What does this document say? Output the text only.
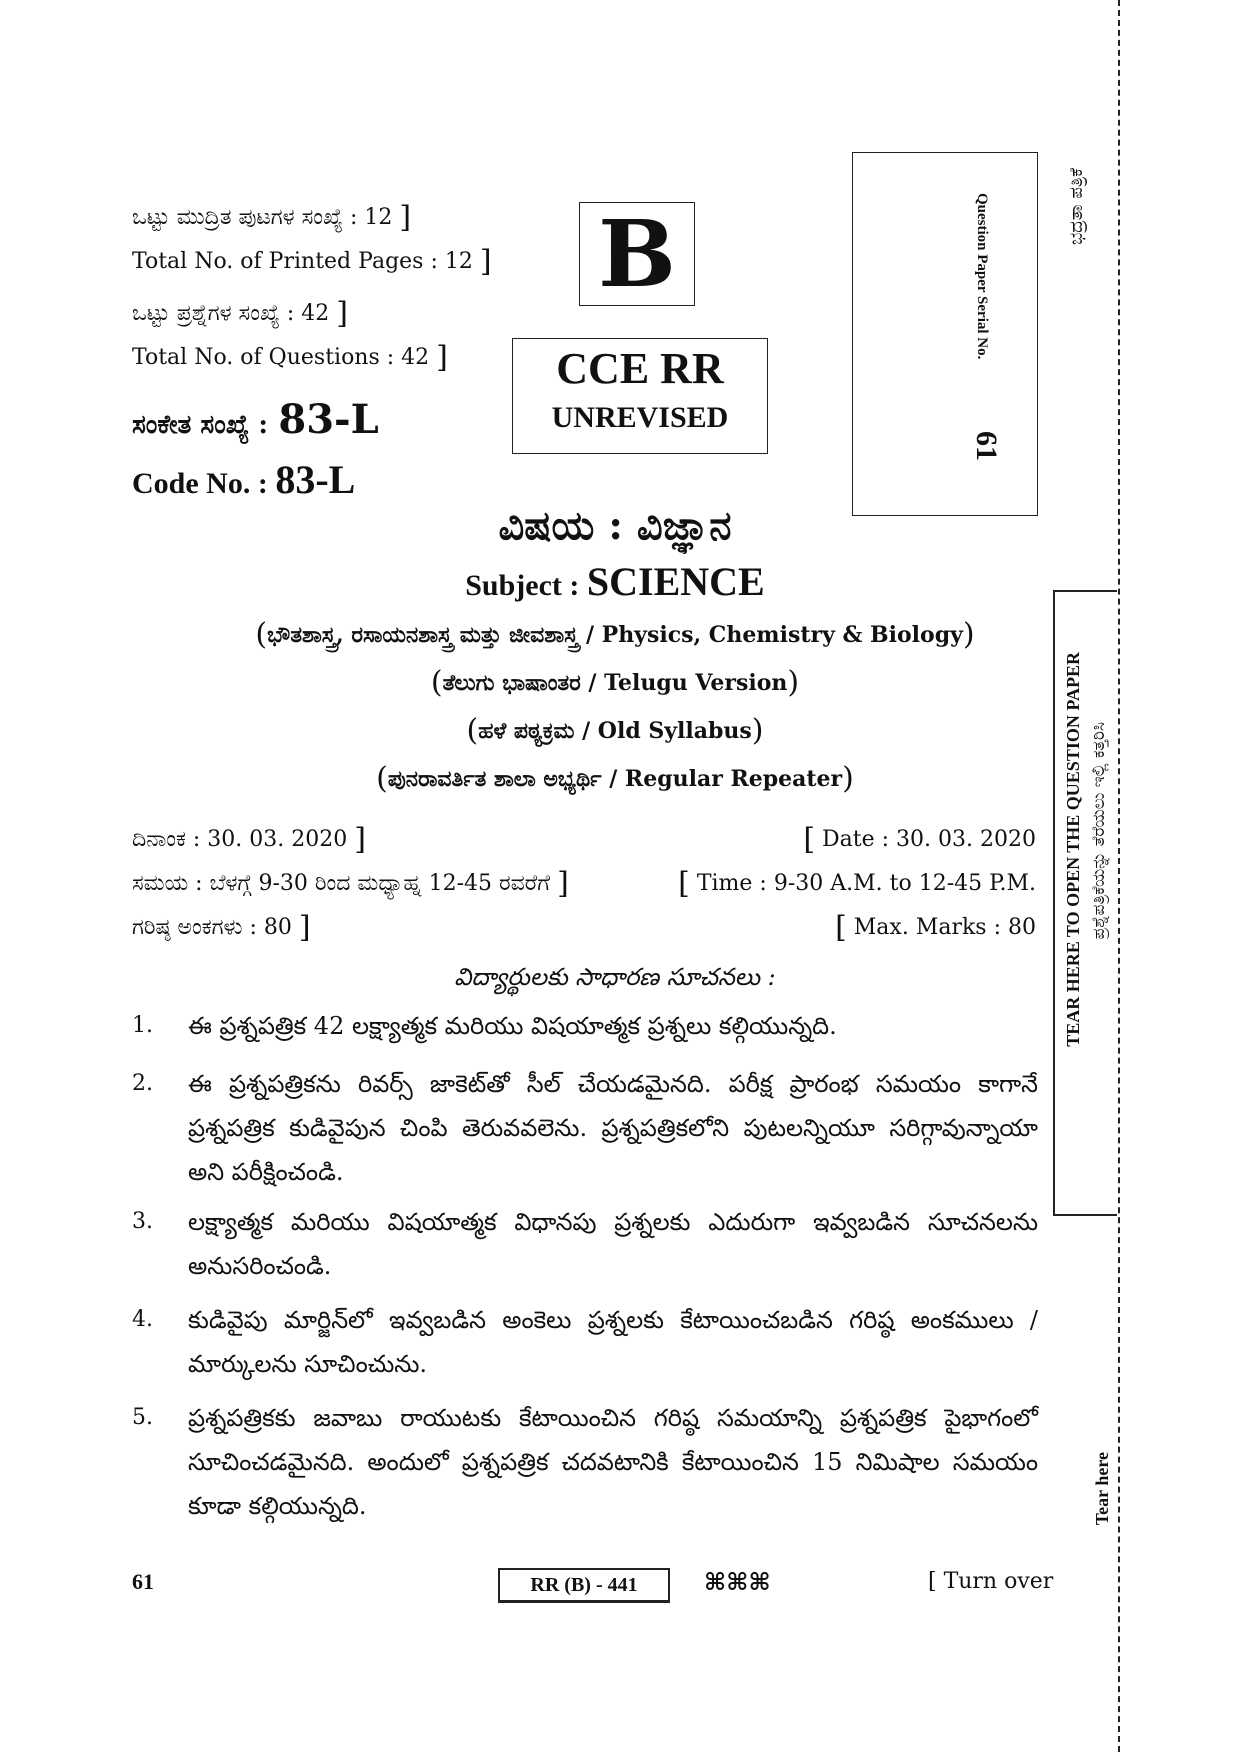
ಒಟ್ಟು ಮುದ್ರಿತ ಪುಟಗಳ ಸಂಖ್ಯೆ : 12 ]
Total No. of Printed Pages : 12 ]
ಒಟ್ಟು ಪ್ರಶ್ನೆಗಳ ಸಂಖ್ಯೆ : 42 ]
Total No. of Questions : 42 ]
ಸಂಕೇತ ಸಂಖ್ಯೆ : 83-L
Code No. : 83-L
B
CCE RR
UNREVISED
Question Paper Serial No.
61
ಭದ್ರತಾ ಪತ್ರಿಕೆ
TEAR HERE TO OPEN THE QUESTION PAPER ಪ್ರಶ್ನೆಪತ್ರಿಕೆಯನ್ನು ತೆರೆಯಲು ಇಲ್ಲಿ ಕತ್ತರಿಸಿ
Tear here
ವಿಷಯ : ವಿಜ್ಞಾನ
Subject : SCIENCE
(ಭೌತಶಾಸ್ತ್ರ, ರಸಾಯನಶಾಸ್ತ್ರ ಮತ್ತು ಜೀವಶಾಸ್ತ್ರ / Physics, Chemistry & Biology)
(ತೆಲುಗು ಭಾಷಾಂತರ / Telugu Version)
(ಹಳೆ ಪಠ್ಯಕ್ರಮ / Old Syllabus)
(ಪುನರಾವರ್ತಿತ ಶಾಲಾ ಅಭ್ಯರ್ಥಿ / Regular Repeater)
ದಿನಾಂಕ : 30. 03. 2020 ]	[ Date : 30. 03. 2020
ಸಮಯ : ಬೆಳಗ್ಗೆ 9-30 ರಿಂದ ಮಧ್ಯಾಹ್ನ 12-45 ರವರೆಗೆ ]	[ Time : 9-30 A.M. to 12-45 P.M.
ಗರಿಷ್ಠ ಅಂಕಗಳು : 80 ]	[ Max. Marks : 80
విద్యార్థులకు సాధారణ సూచనలు :
1. ఈ ప్రశ్నపత్రిక 42 లక్ష్యాత్మక మరియు విషయాత్మక ప్రశ్నలు కల్గియున్నది.
2. ఈ ప్రశ్నపత్రికను రివర్స్ జాకెట్‌తో సీల్ చేయడమైనది. పరీక్ష ప్రారంభ సమయం కాగానే ప్రశ్నపత్రిక కుడివైపున చింపి తెరువవలెను. ప్రశ్నపత్రికలోని పుటలన్నియూ సరిగ్గావున్నాయా అని పరీక్షించండి.
3. లక్ష్యాత్మక మరియు విషయాత్మక విధానపు ప్రశ్నలకు ఎదురుగా ఇవ్వబడిన సూచనలను అనుసరించండి.
4. కుడివైపు మార్జిన్‌లో ఇవ్వబడిన అంకెలు ప్రశ్నలకు కేటాయించబడిన గరిష్ఠ అంకములు / మార్కులను సూచించును.
5. ప్రశ్నపత్రికకు జవాబు రాయుటకు కేటాయించిన గరిష్ఠ సమయాన్ని ప్రశ్నపత్రిక పైభాగంలో సూచించడమైనది. అందులో ప్రశ్నపత్రిక చదవటానికి కేటాయించిన 15 నిమిషాల సమయం కూడా కల్గియున్నది.
61	RR (B) - 441	⌘⌘⌘	[ Turn over
